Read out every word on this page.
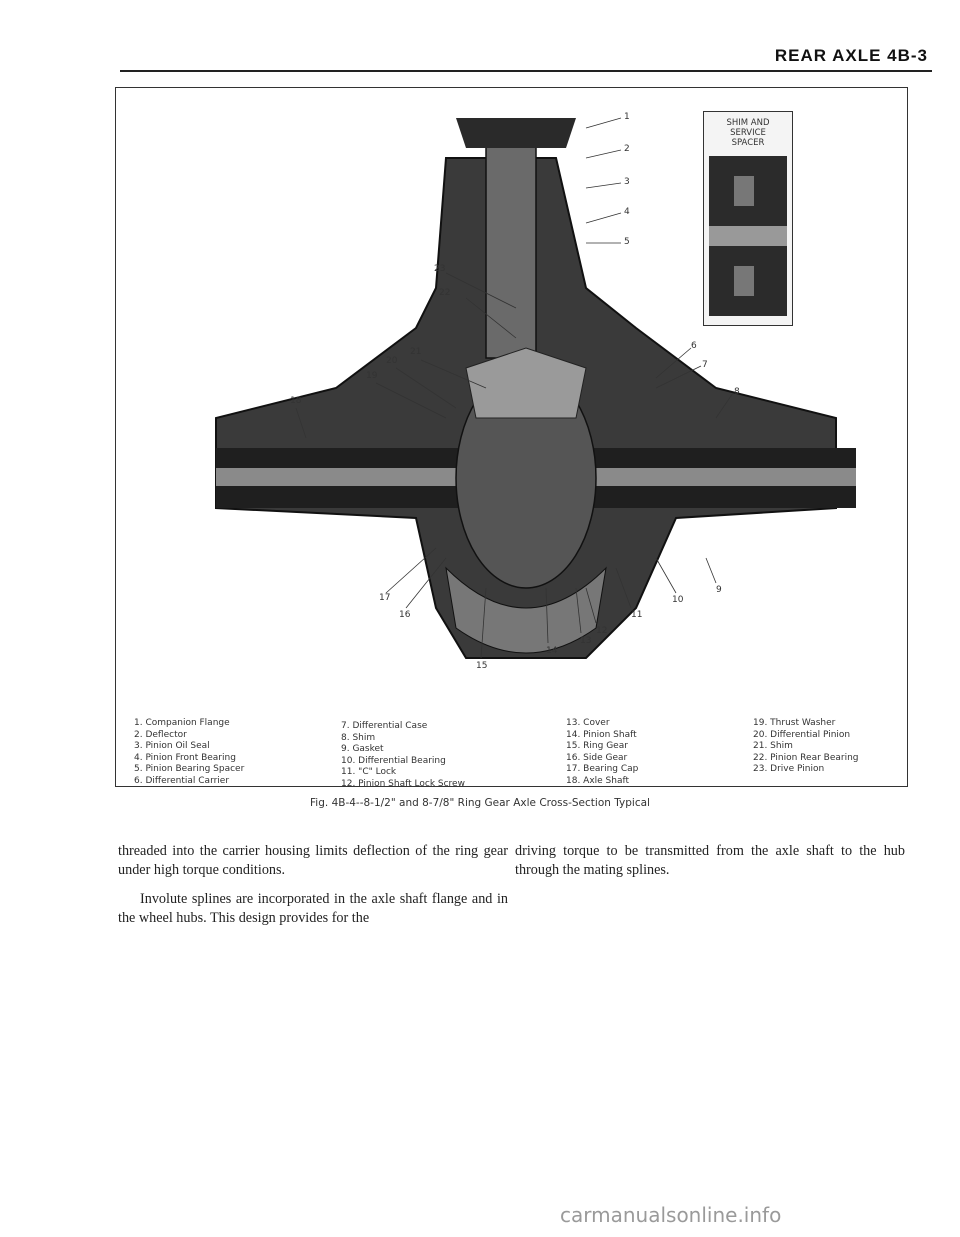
REAR AXLE 4B-3
SHIM AND
SERVICE
SPACER
1
2
3
4
5
6
7
8
9
10
11
12
13
14
15
16
17
18
19
20
21
22
23
1. Companion Flange
2. Deflector
3. Pinion Oil Seal
4. Pinion Front Bearing
5. Pinion Bearing Spacer
6. Differential Carrier
7. Differential Case
8. Shim
9. Gasket
10. Differential Bearing
11. "C" Lock
12. Pinion Shaft Lock Screw
13. Cover
14. Pinion Shaft
15. Ring Gear
16. Side Gear
17. Bearing Cap
18. Axle Shaft
19. Thrust Washer
20. Differential Pinion
21. Shim
22. Pinion Rear Bearing
23. Drive Pinion
Fig. 4B-4--8-1/2" and 8-7/8" Ring Gear Axle Cross-Section Typical

threaded into the carrier housing limits deflection of the ring gear under high torque conditions.

Involute splines are incorporated in the axle shaft flange and in the wheel hubs. This design provides for the

driving torque to be transmitted from the axle shaft to the hub through the mating splines.

carmanualsonline.info
